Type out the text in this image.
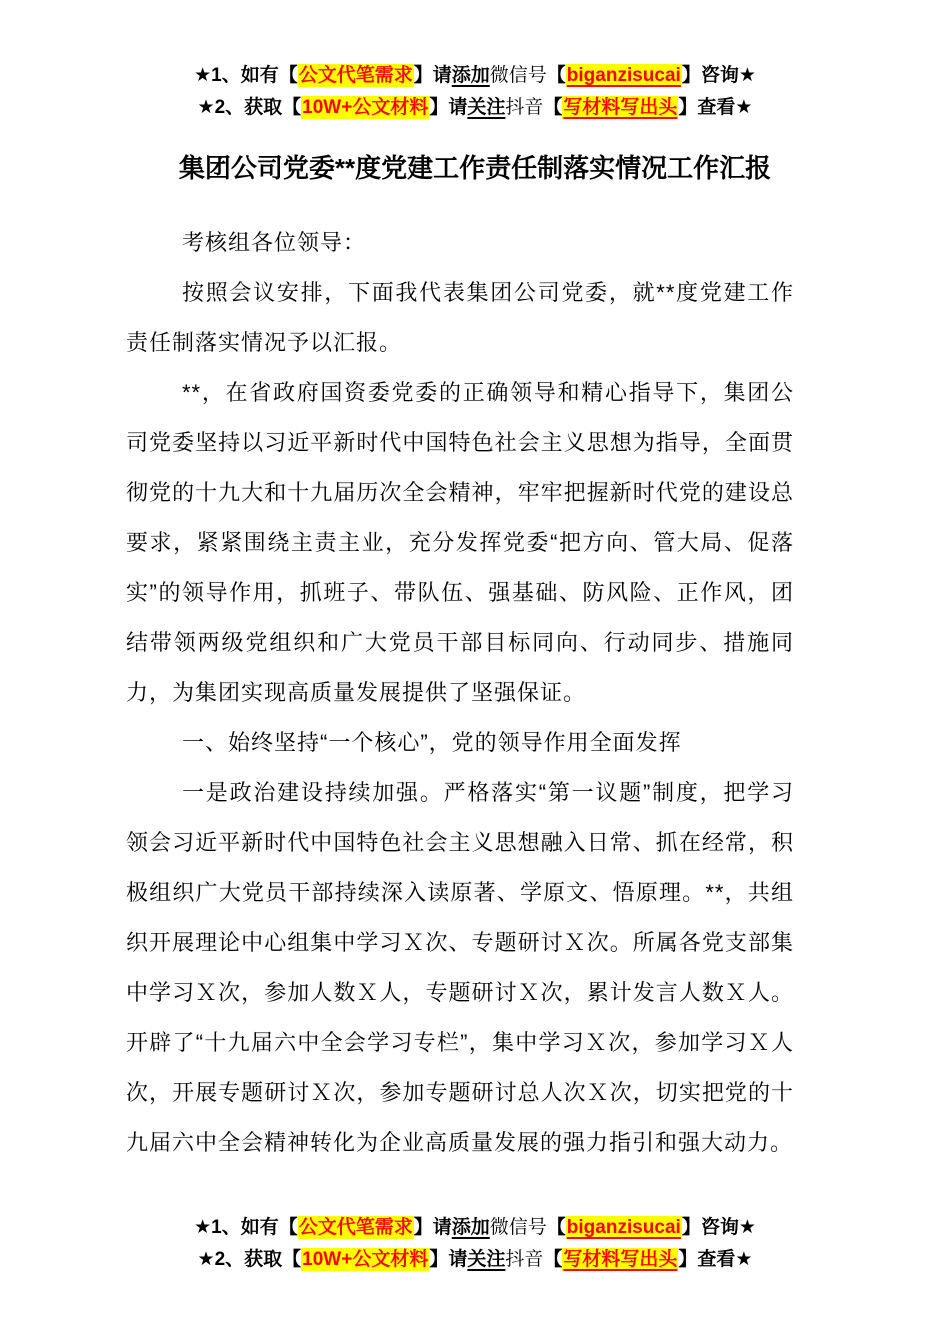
★1、如有【公文代笔需求】请添加微信号【biganzisucai】咨询★
★2、获取【10W+公文材料】请关注抖音【写材料写出头】查看★
集团公司党委**度党建工作责任制落实情况工作汇报

考核组各位领导：

按照会议安排，下面我代表集团公司党委，就**度党建工作责任制落实情况予以汇报。

**，在省政府国资委党委的正确领导和精心指导下，集团公司党委坚持以习近平新时代中国特色社会主义思想为指导，全面贯彻党的十九大和十九届历次全会精神，牢牢把握新时代党的建设总要求，紧紧围绕主责主业，充分发挥党委“把方向、管大局、促落实”的领导作用，抓班子、带队伍、强基础、防风险、正作风，团结带领两级党组织和广大党员干部目标同向、行动同步、措施同力，为集团实现高质量发展提供了坚强保证。

一、始终坚持“一个核心”，党的领导作用全面发挥

一是政治建设持续加强。严格落实“第一议题”制度，把学习领会习近平新时代中国特色社会主义思想融入日常、抓在经常，积极组织广大党员干部持续深入读原著、学原文、悟原理。**，共组织开展理论中心组集中学习Ｘ次、专题研讨Ｘ次。所属各党支部集中学习Ｘ次，参加人数Ｘ人，专题研讨Ｘ次，累计发言人数Ｘ人。开辟了“十九届六中全会学习专栏”，集中学习Ｘ次，参加学习Ｘ人次，开展专题研讨Ｘ次，参加专题研讨总人次Ｘ次，切实把党的十九届六中全会精神转化为企业高质量发展的强力指引和强大动力。

★1、如有【公文代笔需求】请添加微信号【biganzisucai】咨询★
★2、获取【10W+公文材料】请关注抖音【写材料写出头】查看★
